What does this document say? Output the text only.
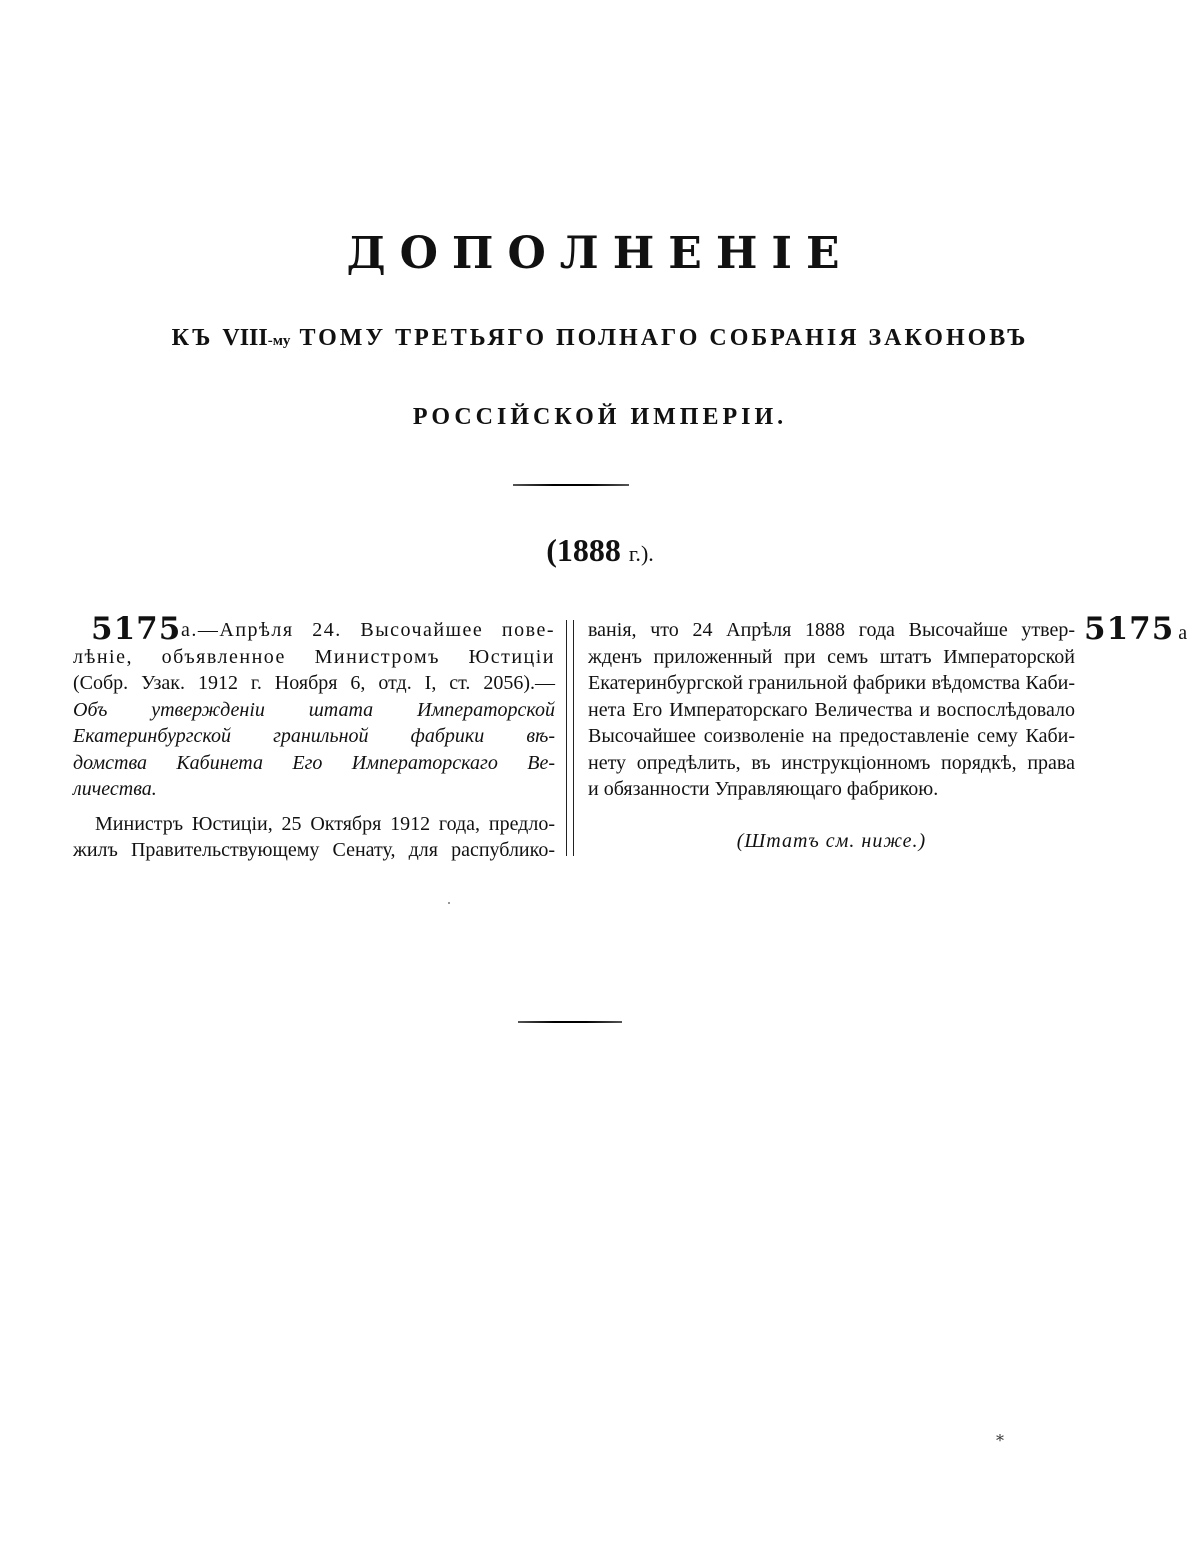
ДОПОЛНЕНІЕ
КЪ VIII-му ТОМУ ТРЕТЬЯГО ПОЛНАГО СОБРАНІЯ ЗАКОНОВЪ
РОССІЙСКОЙ ИМПЕРІИ.
(1888 г.).
5175	5175 а
а.—Апрѣля 24. Высочайшее пове-
лѣніе, объявленное Министромъ Юстиціи
(Собр. Узак. 1912 г. Ноября 6, отд. I, ст. 2056).—
Объ утвержденіи штата Императорской
Екатеринбургской гранильной фабрики вѣ-
домства Кабинета Его Императорскаго Ве-
личества.
Министръ Юстиціи, 25 Октября 1912 года, предло-
жилъ Правительствующему Сенату, для распублико-
ванія, что 24 Апрѣля 1888 года Высочайше утвер-
жденъ приложенный при семъ штатъ Императорской
Екатеринбургской гранильной фабрики вѣдомства Каби-
нета Его Императорскаго Величества и воспослѣдовало
Высочайшее соизволеніе на предоставленіе сему Каби-
нету опредѣлить, въ инструкціонномъ порядкѣ, права
и обязанности Управляющаго фабрикою.
(Штатъ см. ниже.)
*
